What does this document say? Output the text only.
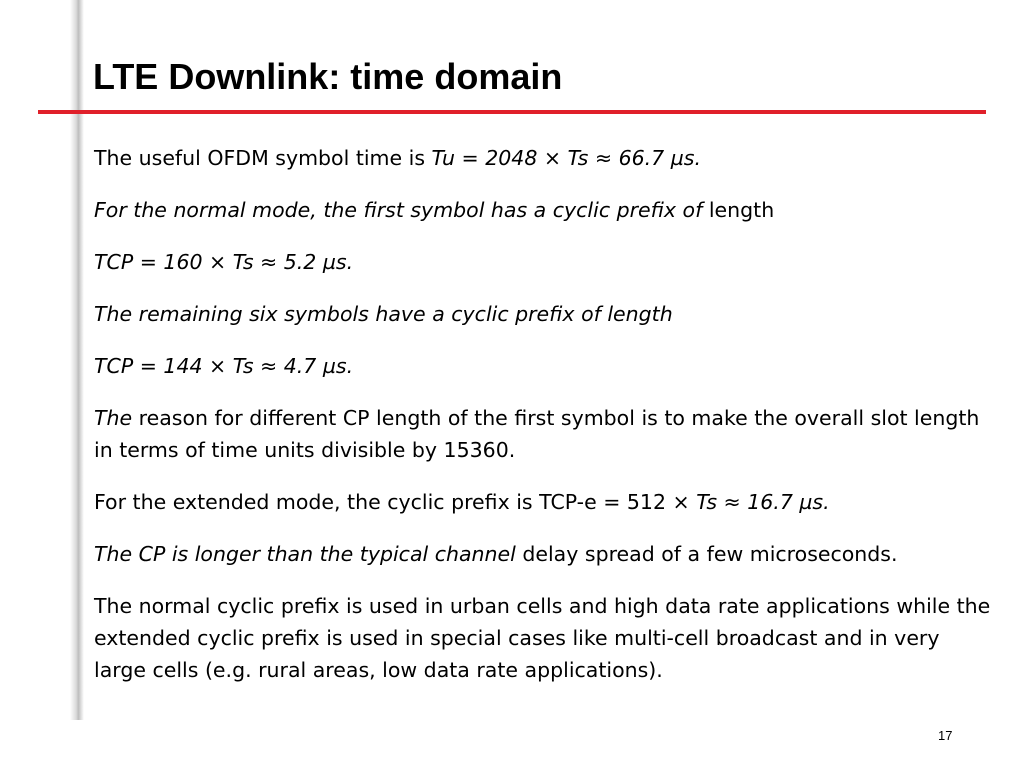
LTE Downlink: time domain

The useful OFDM symbol time is Tu = 2048 × Ts ≈ 66.7 µs.

For the normal mode, the first symbol has a cyclic prefix of length

TCP = 160 × Ts ≈ 5.2 µs.

The remaining six symbols have a cyclic prefix of length

TCP = 144 × Ts ≈ 4.7 µs.

The reason for different CP length of the first symbol is to make the overall slot length in terms of time units divisible by 15360.

For the extended mode, the cyclic prefix is TCP-e = 512 × Ts ≈ 16.7 µs.

The CP is longer than the typical channel delay spread of a few microseconds.

The normal cyclic prefix is used in urban cells and high data rate applications while the extended cyclic prefix is used in special cases like multi-cell broadcast and in very large cells (e.g. rural areas, low data rate applications).

17
